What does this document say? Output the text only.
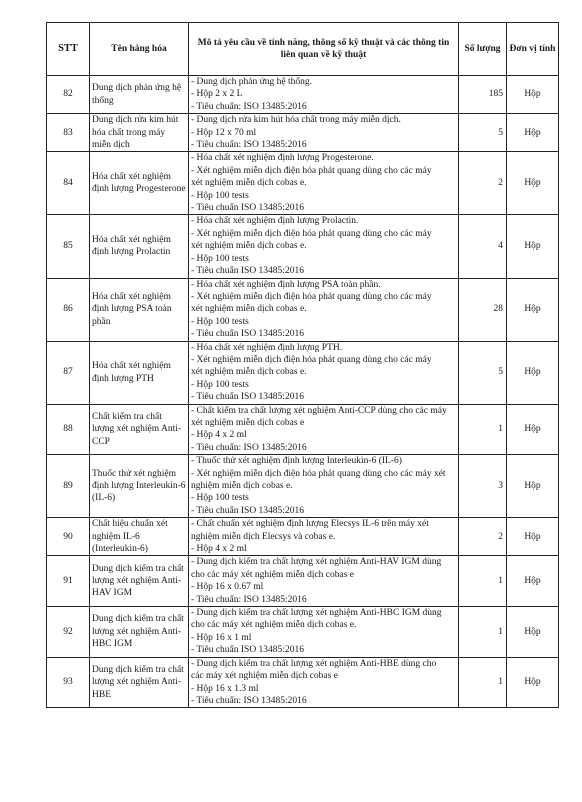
STT	Tên hàng hóa	Mô tả yêu cầu về tính năng, thông số kỹ thuật và các thông tin liên quan về kỹ thuật	Số lượng	Đơn vị tính
82	Dung dịch phản ứng hệ thống	- Dung dịch phản ứng hệ thống.
- Hộp 2 x 2 L
- Tiêu chuẩn: ISO 13485:2016	185	Hộp
83	Dung dịch rửa kim hút hóa chất trong máy miễn dịch	- Dung dịch rửa kim hút hóa chất trong máy miễn dịch.
- Hộp 12 x 70 ml
- Tiêu chuẩn: ISO 13485:2016	5	Hộp
84	Hóa chất xét nghiệm định lượng Progesterone	- Hóa chất xét nghiệm định lượng Progesterone.
- Xét nghiệm miễn dịch điện hóa phát quang dùng cho các máy
xét nghiệm miễn dịch cobas e.
- Hộp 100 tests
- Tiêu chuẩn ISO 13485:2016	2	Hộp
85	Hóa chất xét nghiệm định lượng Prolactin	- Hóa chất xét nghiệm định lượng Prolactin.
- Xét nghiệm miễn dịch điện hóa phát quang dùng cho các máy
xét nghiệm miễn dịch cobas e.
- Hộp 100 tests
- Tiêu chuẩn ISO 13485:2016	4	Hộp
86	Hóa chất xét nghiệm định lượng PSA toàn phần	- Hóa chất xét nghiệm định lượng PSA toàn phần.
- Xét nghiệm miễn dịch điện hóa phát quang dùng cho các máy
xét nghiệm miễn dịch cobas e.
- Hộp 100 tests
- Tiêu chuẩn ISO 13485:2016	28	Hộp
87	Hóa chất xét nghiệm định lượng PTH	- Hóa chất xét nghiệm định lượng PTH.
- Xét nghiệm miễn dịch điện hóa phát quang dùng cho các máy
xét nghiệm miễn dịch cobas e.
- Hộp 100 tests
- Tiêu chuẩn ISO 13485:2016	5	Hộp
88	Chất kiểm tra chất lượng xét nghiệm Anti-CCP	- Chất kiểm tra chất lượng xét nghiệm Anti-CCP dùng cho các máy
xét nghiệm miễn dịch cobas e
- Hộp 4 x 2 ml
- Tiêu chuẩn: ISO 13485:2016	1	Hộp
89	Thuốc thử xét nghiệm định lượng Interleukin-6 (IL-6)	- Thuốc thử xét nghiệm định lượng Interleukin-6 (IL-6)
- Xét nghiệm miễn dịch điện hóa phát quang dùng cho các máy xét
nghiệm miễn dịch cobas e.
- Hộp 100 tests
- Tiêu chuẩn ISO 13485:2016	3	Hộp
90	Chất hiệu chuẩn xét nghiệm IL-6 (Interleukin-6)	- Chất chuẩn xét nghiệm định lượng Elecsys IL-6 trên máy xét
nghiệm miễn dịch Elecsys và cobas e.
- Hộp 4 x 2 ml	2	Hộp
91	Dung dịch kiểm tra chất lượng xét nghiệm Anti-HAV IGM	- Dung dịch kiểm tra chất lượng xét nghiệm Anti-HAV IGM dùng
cho các máy xét nghiệm miễn dịch cobas e
- Hộp 16 x 0.67 ml
- Tiêu chuẩn: ISO 13485:2016	1	Hộp
92	Dung dịch kiểm tra chất lượng xét nghiệm Anti-HBC IGM	- Dung dịch kiểm tra chất lượng xét nghiệm Anti-HBC IGM dùng
cho các máy xét nghiệm miễn dịch cobas e.
- Hộp 16 x 1 ml
- Tiêu chuẩn ISO 13485:2016	1	Hộp
93	Dung dịch kiểm tra chất lượng xét nghiệm Anti-HBE	- Dung dịch kiểm tra chất lượng xét nghiệm Anti-HBE dùng cho
các máy xét nghiệm miễn dịch cobas e
- Hộp 16 x 1.3 ml
- Tiêu chuẩn: ISO 13485:2016	1	Hộp
